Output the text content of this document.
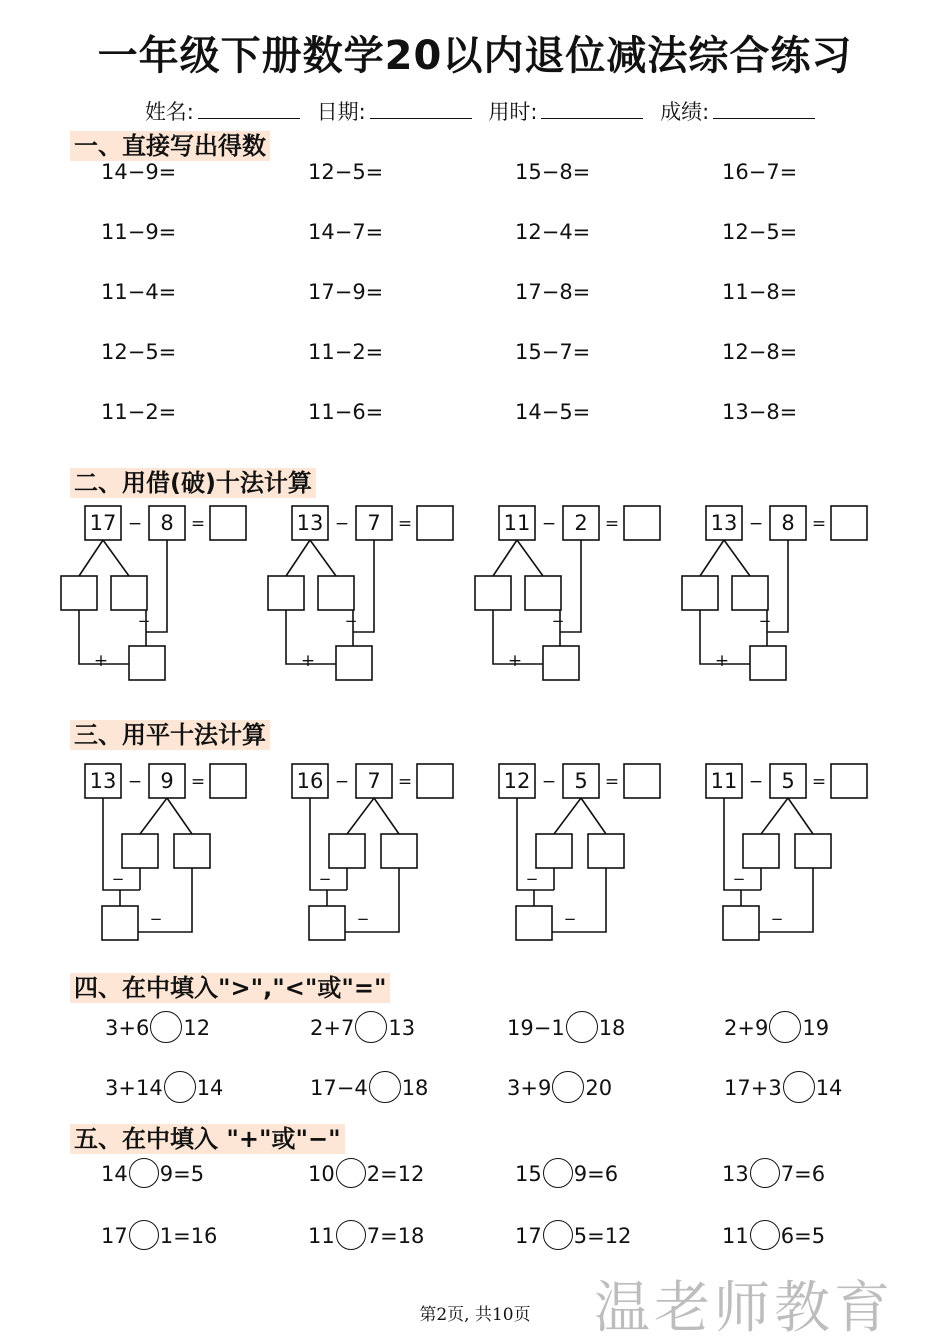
一年级下册数学20以内退位减法综合练习
姓名:	日期:	用时:	成绩:
一、直接写出得数
14−9=	12−5=	15−8=	16−7=
11−9=	14−7=	12−4=	12−5=
11−4=	17−9=	17−8=	11−8=
12−5=	11−2=	15−7=	12−8=
11−2=	11−6=	14−5=	13−8=
二、用借(破)十法计算
17 − 8 =
−
+
13 − 7 =
−
+
11 − 2 =
−
+
13 − 8 =
−
+
三、用平十法计算
13 − 9 =
−
−
16 − 7 =
−
−
12 − 5 =
−
−
11 − 5 =
−
−
四、在中填入">","<"或"="
3+6 12	2+7 13	19−1 18	2+9 19
3+14 14	17−4 18	3+9 20	17+3 14
五、在中填入 "+"或"−"
14 9=5	10 2=12	15 9=6	13 7=6
17 1=16	11 7=18	17 5=12	11 6=5
温老师教育
第2页, 共10页
